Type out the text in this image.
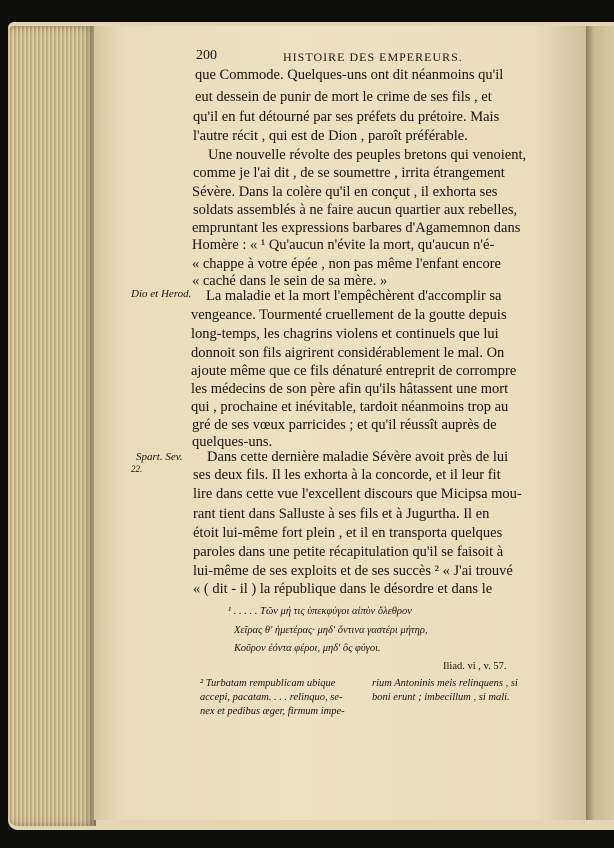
200	HISTOIRE DES EMPEREURS.
Dio et Herod.
Spart. Sev.
22.
que Commode. Quelques-uns ont dit néanmoins qu'il
eut dessein de punir de mort le crime de ses fils , et
qu'il en fut détourné par ses préfets du prétoire. Mais
l'autre récit , qui est de Dion , paroît préférable.
Une nouvelle révolte des peuples bretons qui venoient,
comme je l'ai dit , de se soumettre , irrita étrangement
Sévère. Dans la colère qu'il en conçut , il exhorta ses
soldats assemblés à ne faire aucun quartier aux rebelles,
empruntant les expressions barbares d'Agamemnon dans
Homère : « ¹ Qu'aucun n'évite la mort, qu'aucun n'é-
« chappe à votre épée , non pas même l'enfant encore
« caché dans le sein de sa mère. »
La maladie et la mort l'empêchèrent d'accomplir sa
vengeance. Tourmenté cruellement de la goutte depuis
long-temps, les chagrins violens et continuels que lui
donnoit son fils aigrirent considérablement le mal. On
ajoute même que ce fils dénaturé entreprit de corrompre
les médecins de son père afin qu'ils hâtassent une mort
qui , prochaine et inévitable, tardoit néanmoins trop au
gré de ses vœux parricides ; et qu'il réussît auprès de
quelques-uns.
Dans cette dernière maladie Sévère avoit près de lui
ses deux fils. Il les exhorta à la concorde, et il leur fit
lire dans cette vue l'excellent discours que Micipsa mou-
rant tient dans Salluste à ses fils et à Jugurtha. Il en
étoit lui-même fort plein , et il en transporta quelques
paroles dans une petite récapitulation qu'il se faisoit à
lui-même de ses exploits et de ses succès ² « J'ai trouvé
« ( dit - il ) la république dans le désordre et dans le
¹ . . . . . Τῶν μή τις ὑπεκφύγοι αἰπὺν ὄλεθρον
Χεῖρας θ' ἡμετέρας· μηδ' ὅντινα γαστέρι μήτηρ,
Κοῦρον ἐόντα φέροι, μηδ' ὃς φύγοι.
Iliad. vi , v. 57.
² Turbatam rempublicam ubique
accepi, pacatam. . . . relinquo, se-
nex et pedibus æger, firmum impe-
rium Antoninis meis relinquens , si
boni erunt ; imbecillum , si mali.
